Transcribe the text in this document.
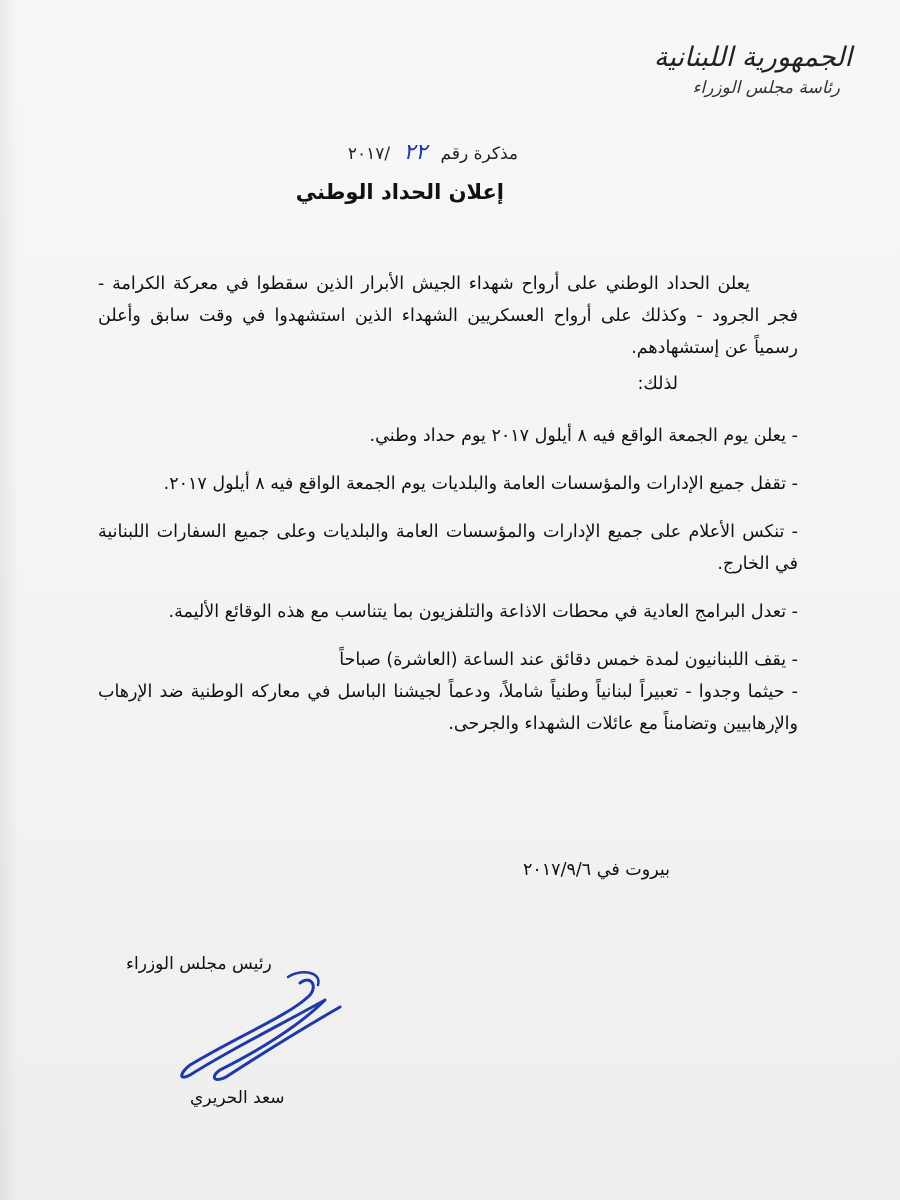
الجمهورية اللبنانية
رئاسة مجلس الوزراء
مذكرة رقم ٢٢ /٢٠١٧
إعلان الحداد الوطني
يعلن الحداد الوطني على أرواح شهداء الجيش الأبرار الذين سقطوا في معركة الكرامة - فجر الجرود - وكذلك على أرواح العسكريين الشهداء الذين استشهدوا في وقت سابق وأعلن رسمياً عن إستشهادهم.
لذلك:
- يعلن يوم الجمعة الواقع فيه ٨ أيلول ٢٠١٧ يوم حداد وطني.
- تقفل جميع الإدارات والمؤسسات العامة والبلديات يوم الجمعة الواقع فيه ٨ أيلول ٢٠١٧.
- تنكس الأعلام على جميع الإدارات والمؤسسات العامة والبلديات وعلى جميع السفارات اللبنانية في الخارج.
- تعدل البرامج العادية في محطات الاذاعة والتلفزيون بما يتناسب مع هذه الوقائع الأليمة.
- يقف اللبنانيون لمدة خمس دقائق عند الساعة (العاشرة) صباحاً
- حيثما وجدوا - تعبيراً لبنانياً وطنياً شاملاً، ودعماً لجيشنا الباسل في معاركه الوطنية ضد الإرهاب والإرهابيين وتضامناً مع عائلات الشهداء والجرحى.
بيروت في ٢٠١٧/٩/٦
رئيس مجلس الوزراء
سعد الحريري
